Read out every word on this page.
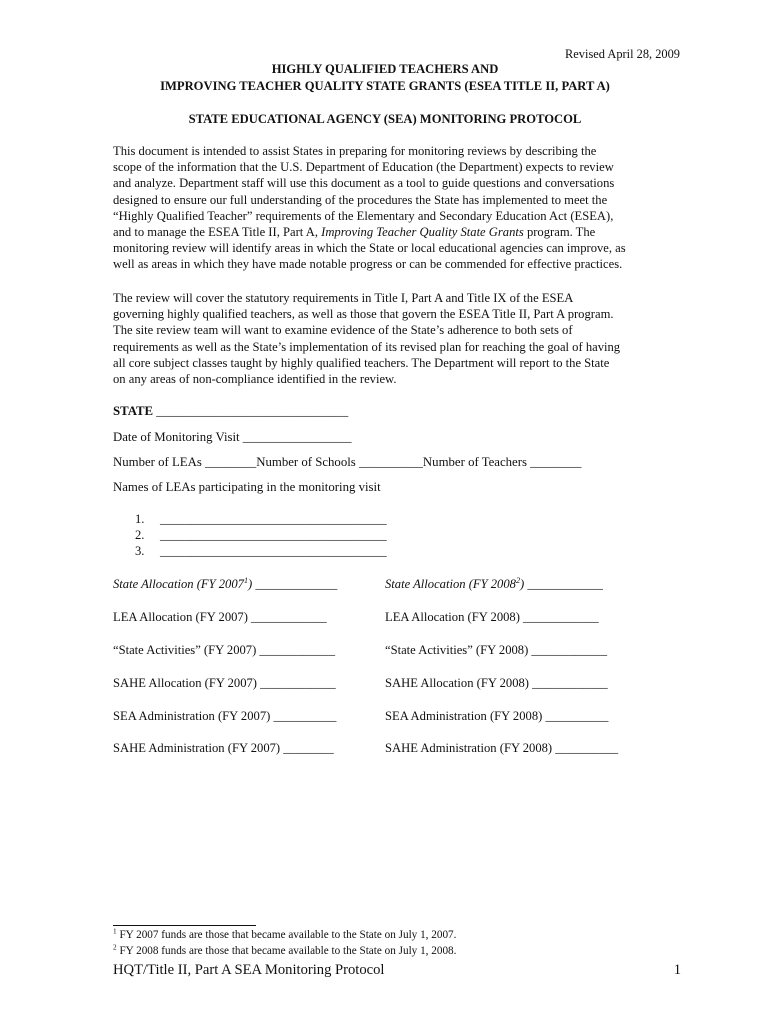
Revised April 28, 2009
HIGHLY QUALIFIED TEACHERS AND
IMPROVING TEACHER QUALITY STATE GRANTS (ESEA TITLE II, PART A)
STATE EDUCATIONAL AGENCY (SEA) MONITORING PROTOCOL
This document is intended to assist States in preparing for monitoring reviews by describing the
scope of the information that the U.S. Department of Education (the Department) expects to review
and analyze. Department staff will use this document as a tool to guide questions and conversations
designed to ensure our full understanding of the procedures the State has implemented to meet the
“Highly Qualified Teacher” requirements of the Elementary and Secondary Education Act (ESEA),
and to manage the ESEA Title II, Part A, Improving Teacher Quality State Grants program. The
monitoring review will identify areas in which the State or local educational agencies can improve, as
well as areas in which they have made notable progress or can be commended for effective practices.
The review will cover the statutory requirements in Title I, Part A and Title IX of the ESEA
governing highly qualified teachers, as well as those that govern the ESEA Title II, Part A program.
The site review team will want to examine evidence of the State’s adherence to both sets of
requirements as well as the State’s implementation of its revised plan for reaching the goal of having
all core subject classes taught by highly qualified teachers. The Department will report to the State
on any areas of non-compliance identified in the review.
STATE ______________________________
Date of Monitoring Visit _________________
Number of LEAs ________Number of Schools __________Number of Teachers ________
Names of LEAs participating in the monitoring visit
1. ____________________________________
2. ____________________________________
3. ____________________________________
State Allocation (FY 2007$^1$) _____________
LEA Allocation (FY 2007) ____________
“State Activities” (FY 2007) ____________
SAHE Allocation (FY 2007) ____________
SEA Administration (FY 2007) __________
SAHE Administration (FY 2007) ________
State Allocation (FY 2008$^2$) ____________
LEA Allocation (FY 2008) ____________
“State Activities” (FY 2008) ____________
SAHE Allocation (FY 2008) ____________
SEA Administration (FY 2008) __________
SAHE Administration (FY 2008) __________
$^1$ FY 2007 funds are those that became available to the State on July 1, 2007.
$^2$ FY 2008 funds are those that became available to the State on July 1, 2008.
HQT/Title II, Part A SEA Monitoring Protocol	1
